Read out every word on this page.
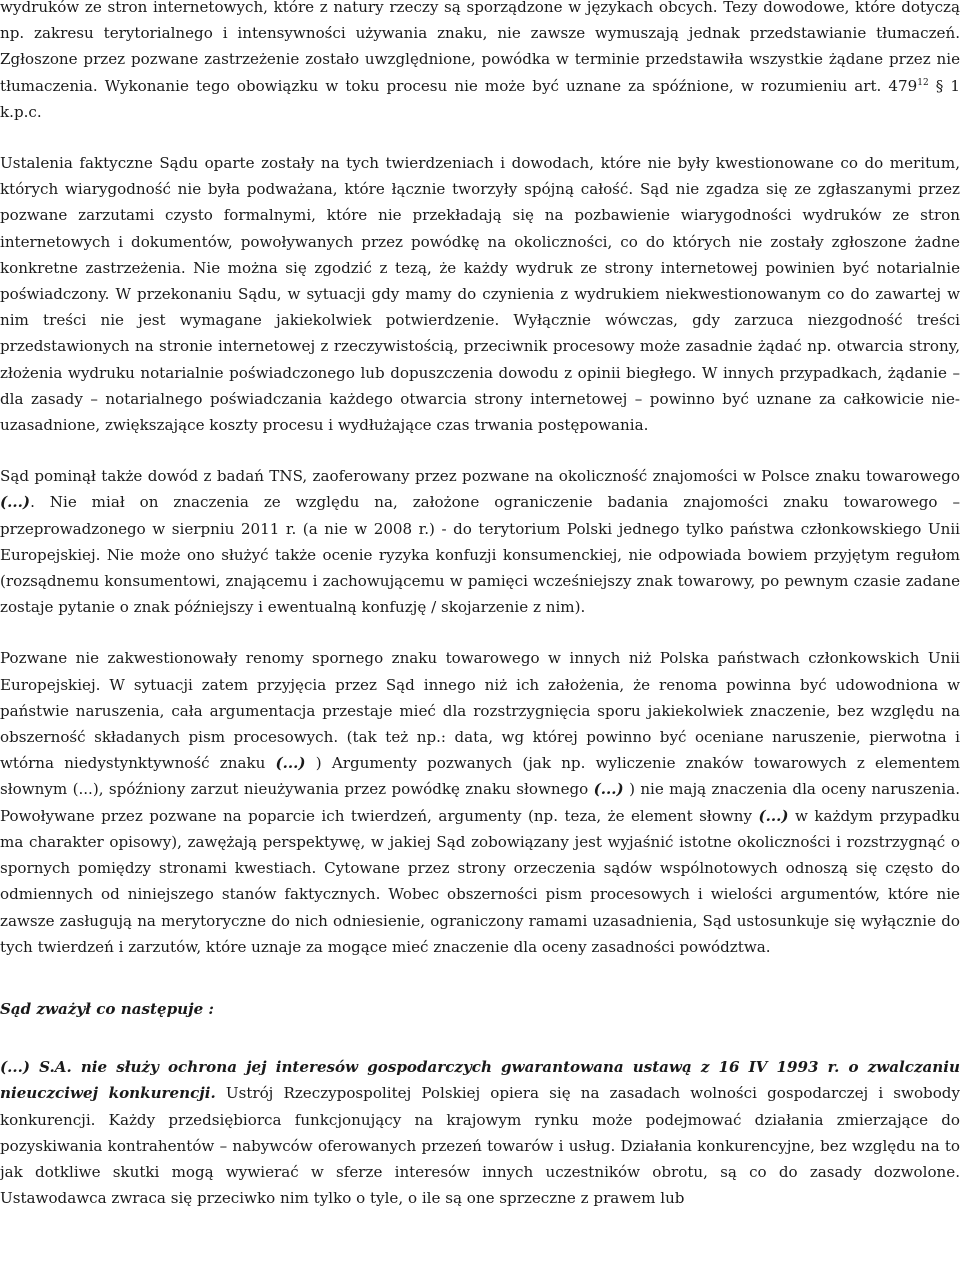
wydruków ze stron internetowych, które z natury rzeczy są sporządzone w językach obcych. Tezy dowodowe, które dotyczą np. zakresu terytorialnego i intensywności używania znaku, nie zawsze wymuszają jednak przedstawianie tłumaczeń. Zgłoszone przez pozwane zastrzeżenie zostało uwzględnione, powódka w terminie przedstawiła wszystkie żądane przez nie tłumaczenia. Wykonanie tego obowiązku w toku procesu nie może być uznane za spóźnione, w rozumieniu art. $479^{12}$ § 1 k.p.c.

Ustalenia faktyczne Sądu oparte zostały na tych twierdzeniach i dowodach, które nie były kwestionowane co do meritum, których wiarygodność nie była podważana, które łącznie tworzyły spójną całość. Sąd nie zgadza się ze zgłaszanymi przez pozwane zarzutami czysto formalnymi, które nie przekładają się na pozbawienie wiarygodności wydruków ze stron internetowych i dokumentów, powoływanych przez powódkę na okoliczności, co do których nie zostały zgłoszone żadne konkretne zastrzeżenia. Nie można się zgodzić z tezą, że każdy wydruk ze strony internetowej powinien być notarialnie poświadczony. W przekonaniu Sądu, w sytuacji gdy mamy do czynienia z wydrukiem niekwestionowanym co do zawartej w nim treści nie jest wymagane jakiekolwiek potwierdzenie. Wyłącznie wówczas, gdy zarzuca niezgodność treści przedstawionych na stronie internetowej z rzeczywistością, przeciwnik procesowy może zasadnie żądać np. otwarcia strony, złożenia wydruku notarialnie poświadczonego lub dopuszczenia dowodu z opinii biegłego. W innych przypadkach, żądanie – dla zasady – notarialnego poświadczania każdego otwarcia strony internetowej – powinno być uznane za całkowicie nie-uzasadnione, zwiększające koszty procesu i wydłużające czas trwania postępowania.

Sąd pominął także dowód z badań TNS, zaoferowany przez pozwane na okoliczność znajomości w Polsce znaku towarowego (...). Nie miał on znaczenia ze względu na, założone ograniczenie badania znajomości znaku towarowego – przeprowadzonego w sierpniu 2011 r. (a nie w 2008 r.) - do terytorium Polski jednego tylko państwa członkowskiego Unii Europejskiej. Nie może ono służyć także ocenie ryzyka konfuzji konsumenckiej, nie odpowiada bowiem przyjętym regułom (rozsądnemu konsumentowi, znającemu i zachowującemu w pamięci wcześniejszy znak towarowy, po pewnym czasie zadane zostaje pytanie o znak późniejszy i ewentualną konfuzję / skojarzenie z nim).

Pozwane nie zakwestionowały renomy spornego znaku towarowego w innych niż Polska państwach członkowskich Unii Europejskiej. W sytuacji zatem przyjęcia przez Sąd innego niż ich założenia, że renoma powinna być udowodniona w państwie naruszenia, cała argumentacja przestaje mieć dla rozstrzygnięcia sporu jakiekolwiek znaczenie, bez względu na obszerność składanych pism procesowych. (tak też np.: data, wg której powinno być oceniane naruszenie, pierwotna i wtórna niedystynktywność znaku (...) ) Argumenty pozwanych (jak np. wyliczenie znaków towarowych z elementem słownym (...), spóźniony zarzut nieużywania przez powódkę znaku słownego (...) ) nie mają znaczenia dla oceny naruszenia. Powoływane przez pozwane na poparcie ich twierdzeń, argumenty (np. teza, że element słowny (...) w każdym przypadku ma charakter opisowy), zawężają perspektywę, w jakiej Sąd zobowiązany jest wyjaśnić istotne okoliczności i rozstrzygnąć o spornych pomiędzy stronami kwestiach. Cytowane przez strony orzeczenia sądów wspólnotowych odnoszą się często do odmiennych od niniejszego stanów faktycznych. Wobec obszerności pism procesowych i wielości argumentów, które nie zawsze zasługują na merytoryczne do nich odniesienie, ograniczony ramami uzasadnienia, Sąd ustosunkuje się wyłącznie do tych twierdzeń i zarzutów, które uznaje za mogące mieć znaczenie dla oceny zasadności powództwa.

Sąd zważył co następuje :

(...) S.A. nie służy ochrona jej interesów gospodarczych gwarantowana ustawą z 16 IV 1993 r. o zwalczaniu nieuczciwej konkurencji. Ustrój Rzeczypospolitej Polskiej opiera się na zasadach wolności gospodarczej i swobody konkurencji. Każdy przedsiębiorca funkcjonujący na krajowym rynku może podejmować działania zmierzające do pozyskiwania kontrahentów – nabywców oferowanych przezeń towarów i usług. Działania konkurencyjne, bez względu na to jak dotkliwe skutki mogą wywierać w sferze interesów innych uczestników obrotu, są co do zasady dozwolone. Ustawodawca zwraca się przeciwko nim tylko o tyle, o ile są one sprzeczne z prawem lub
